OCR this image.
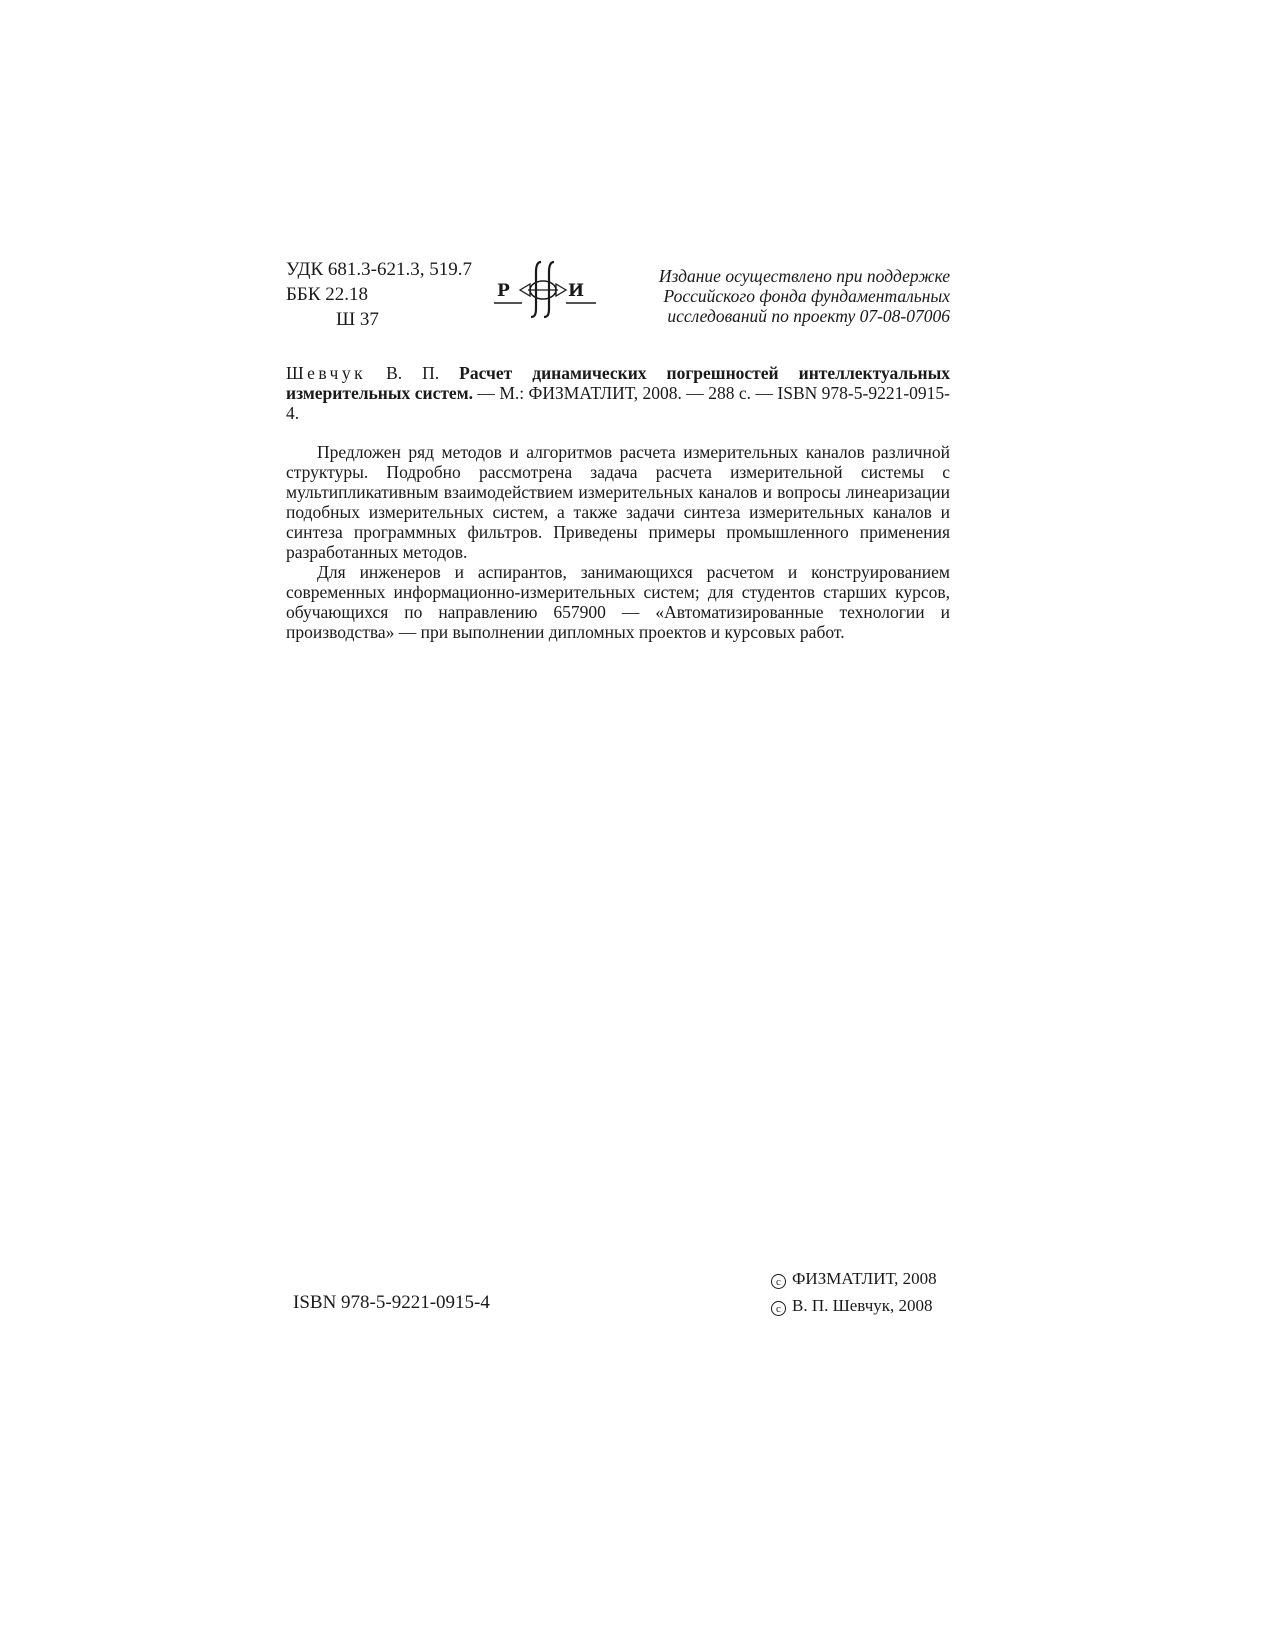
УДК 681.3-621.3, 519.7
ББК 22.18
Ш 37
Р	И
Издание осуществлено при поддержке
Российского фонда фундаментальных
исследований по проекту 07-08-07006
Шевчук В. П. Расчет динамических погрешностей интеллектуальных измерительных систем. — М.: ФИЗМАТЛИТ, 2008. — 288 с. — ISBN 978-5-9221-0915-4.

Предложен ряд методов и алгоритмов расчета измерительных каналов различной структуры. Подробно рассмотрена задача расчета измерительной системы с мультипликативным взаимодействием измерительных каналов и вопросы линеаризации подобных измерительных систем, а также задачи синтеза измерительных каналов и синтеза программных фильтров. Приведены примеры промышленного применения разработанных методов.

Для инженеров и аспирантов, занимающихся расчетом и конструированием современных информационно-измерительных систем; для студентов старших курсов, обучающихся по направлению 657900 — «Автоматизированные технологии и производства» — при выполнении дипломных проектов и курсовых работ.

ISBN 978-5-9221-0915-4
c ФИЗМАТЛИТ, 2008
c В. П. Шевчук, 2008
